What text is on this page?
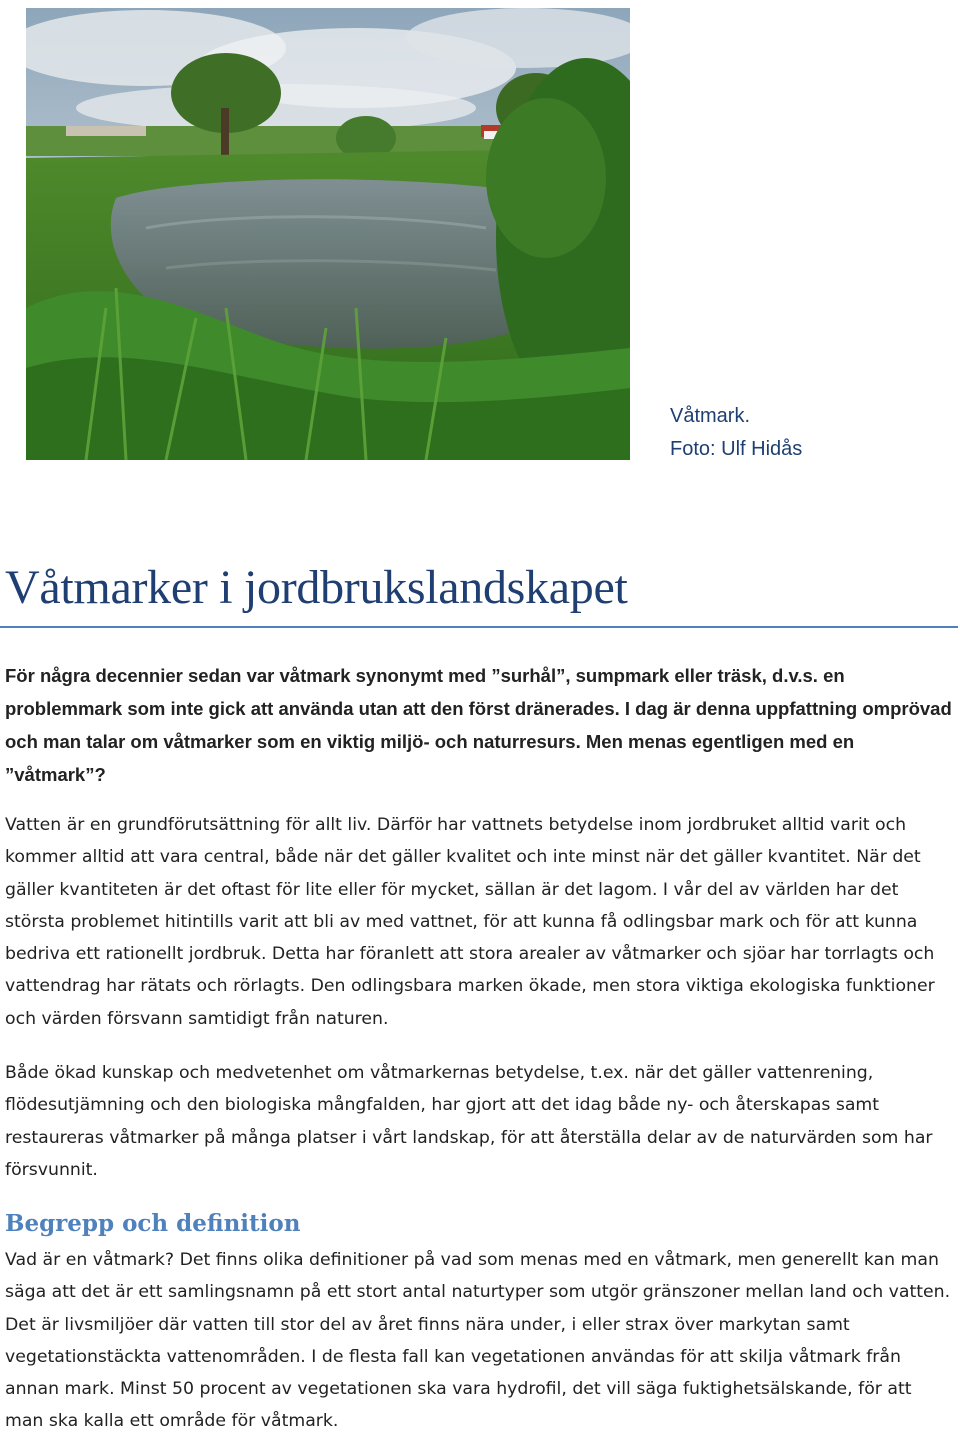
Våtmark.
Foto: Ulf Hidås
Våtmarker i jordbrukslandskapet

För några decennier sedan var våtmark synonymt med ”surhål”, sumpmark eller träsk, d.v.s. en problemmark som inte gick att använda utan att den först dränerades. I dag är denna uppfattning omprövad och man talar om våtmarker som en viktig miljö- och naturresurs. Men menas egentligen med en ”våtmark”?

Vatten är en grundförutsättning för allt liv. Därför har vattnets betydelse inom jordbruket alltid varit och kommer alltid att vara central, både när det gäller kvalitet och inte minst när det gäller kvantitet. När det gäller kvantiteten är det oftast för lite eller för mycket, sällan är det lagom. I vår del av världen har det största problemet hitintills varit att bli av med vattnet, för att kunna få odlingsbar mark och för att kunna bedriva ett rationellt jordbruk. Detta har föranlett att stora arealer av våtmarker och sjöar har torrlagts och vattendrag har rätats och rörlagts. Den odlingsbara marken ökade, men stora viktiga ekologiska funktioner och värden försvann samtidigt från naturen.

Både ökad kunskap och medvetenhet om våtmarkernas betydelse, t.ex. när det gäller vattenrening, flödesutjämning och den biologiska mångfalden, har gjort att det idag både ny- och återskapas samt restaureras våtmarker på många platser i vårt landskap, för att återställa delar av de naturvärden som har försvunnit.

Begrepp och definition

Vad är en våtmark? Det finns olika definitioner på vad som menas med en våtmark, men generellt kan man säga att det är ett samlingsnamn på ett stort antal naturtyper som utgör gränszoner mellan land och vatten. Det är livsmiljöer där vatten till stor del av året finns nära under, i eller strax över markytan samt vegetationstäckta vattenområden. I de flesta fall kan vegetationen användas för att skilja våtmark från annan mark. Minst 50 procent av vegetationen ska vara hydrofil, det vill säga fuktighetsälskande, för att man ska kalla ett område för våtmark.
